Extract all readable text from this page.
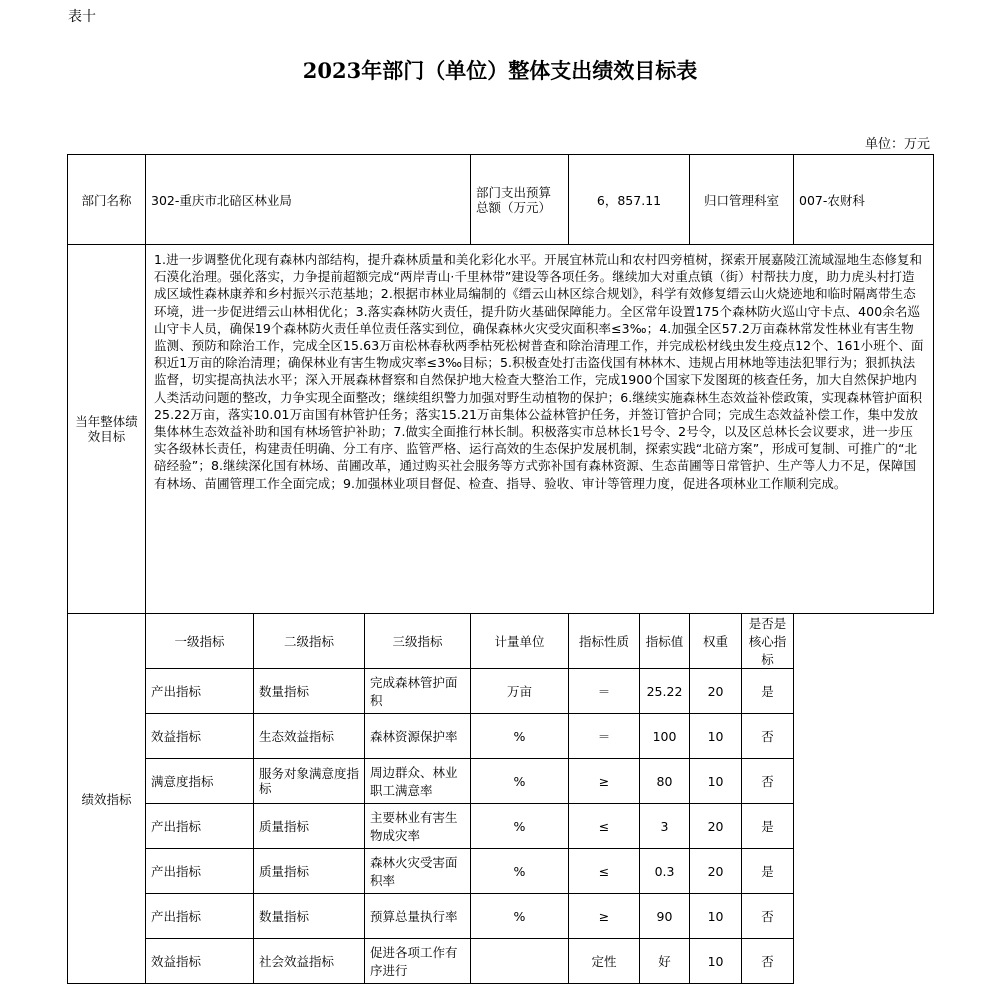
表十
2023年部门（单位）整体支出绩效目标表
单位：万元
部门名称	302-重庆市北碚区林业局			部门支出预算总额（万元）	6，857.11		归口管理科室		007-农财科
当年整体绩效目标	1.进一步调整优化现有森林内部结构，提升森林质量和美化彩化水平。开展宜林荒山和农村四旁植树，探索开展嘉陵江流域湿地生态修复和石漠化治理。强化落实，力争提前超额完成“两岸青山·千里林带”建设等各项任务。继续加大对重点镇（街）村帮扶力度，助力虎头村打造成区域性森林康养和乡村振兴示范基地；2.根据市林业局编制的《缙云山林区综合规划》，科学有效修复缙云山火烧迹地和临时隔离带生态环境，进一步促进缙云山林相优化；3.落实森林防火责任，提升防火基础保障能力。全区常年设置175个森林防火巡山守卡点、400余名巡山守卡人员，确保19个森林防火责任单位责任落实到位，确保森林火灾受灾面积率≤3‰；4.加强全区57.2万亩森林常发性林业有害生物监测、预防和除治工作，完成全区15.63万亩松林春秋两季枯死松树普查和除治清理工作，并完成松材线虫发生疫点12个、161小班个、面积近1万亩的除治清理；确保林业有害生物成灾率≤3‰目标；5.积极查处打击盗伐国有林林木、违规占用林地等违法犯罪行为；狠抓执法监督，切实提高执法水平；深入开展森林督察和自然保护地大检查大整治工作，完成1900个国家下发图斑的核查任务，加大自然保护地内人类活动问题的整改，力争实现全面整改；继续组织警力加强对野生动植物的保护；6.继续实施森林生态效益补偿政策，实现森林管护面积25.22万亩，落实10.01万亩国有林管护任务；落实15.21万亩集体公益林管护任务，并签订管护合同；完成生态效益补偿工作，集中发放集体林生态效益补助和国有林场管护补助；7.做实全面推行林长制。积极落实市总林长1号令、2号令，以及区总林长会议要求，进一步压实各级林长责任，构建责任明确、分工有序、监管严格、运行高效的生态保护发展机制，探索实践“北碚方案”，形成可复制、可推广的“北碚经验”；8.继续深化国有林场、苗圃改革，通过购买社会服务等方式弥补国有森林资源、生态苗圃等日常管护、生产等人力不足，保障国有林场、苗圃管理工作全面完成；9.加强林业项目督促、检查、指导、验收、审计等管理力度，促进各项林业工作顺利完成。								
绩效指标	一级指标	二级指标	三级指标	计量单位	指标性质	指标值	权重	是否是核心指标	
	产出指标	数量指标	完成森林管护面积	万亩	＝	25.22	20	是	
	效益指标	生态效益指标	森林资源保护率	%	＝	100	10	否	
	满意度指标	服务对象满意度指标	周边群众、林业职工满意率	%	≥	80	10	否	
	产出指标	质量指标	主要林业有害生物成灾率	%	≤	3	20	是	
	产出指标	质量指标	森林火灾受害面积率	%	≤	0.3	20	是	
	产出指标	数量指标	预算总量执行率	%	≥	90	10	否	
	效益指标	社会效益指标	促进各项工作有序进行		定性	好	10	否	
